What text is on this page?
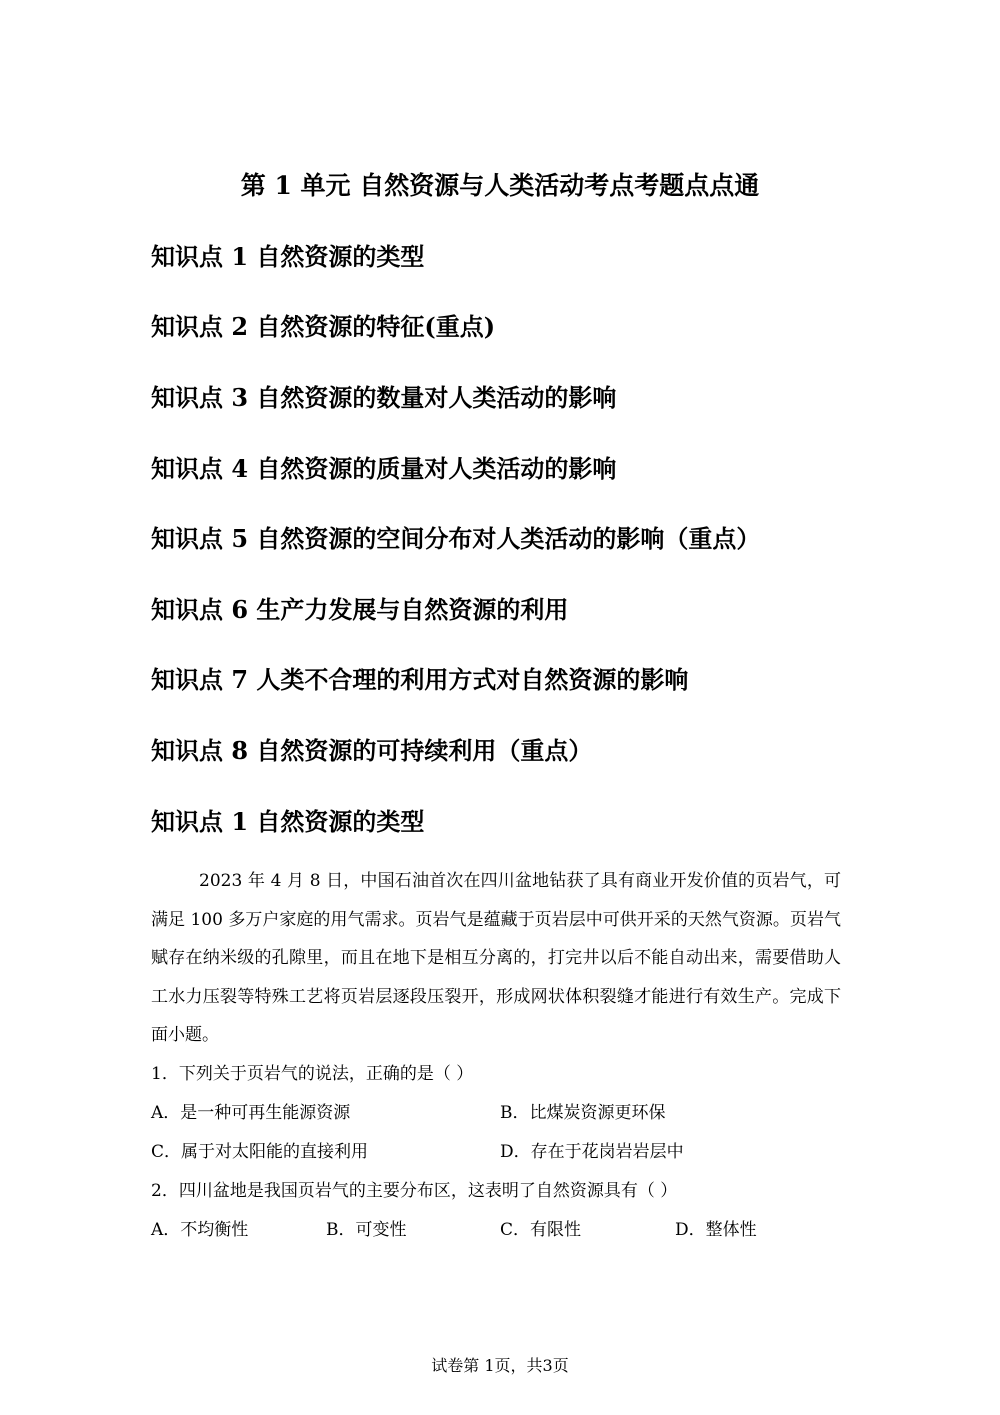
第 1 单元 自然资源与人类活动考点考题点点通
知识点 1 自然资源的类型
知识点 2 自然资源的特征(重点)
知识点 3 自然资源的数量对人类活动的影响
知识点 4 自然资源的质量对人类活动的影响
知识点 5 自然资源的空间分布对人类活动的影响（重点）
知识点 6 生产力发展与自然资源的利用
知识点 7 人类不合理的利用方式对自然资源的影响
知识点 8 自然资源的可持续利用（重点）
知识点 1 自然资源的类型

2023 年 4 月 8 日，中国石油首次在四川盆地钻获了具有商业开发价值的页岩气，可满足 100 多万户家庭的用气需求。页岩气是蕴藏于页岩层中可供开采的天然气资源。页岩气赋存在纳米级的孔隙里，而且在地下是相互分离的，打完井以后不能自动出来，需要借助人工水力压裂等特殊工艺将页岩层逐段压裂开，形成网状体积裂缝才能进行有效生产。完成下面小题。

1．下列关于页岩气的说法，正确的是（ ）

A．是一种可再生能源资源	B．比煤炭资源更环保
C．属于对太阳能的直接利用	D．存在于花岗岩岩层中

2．四川盆地是我国页岩气的主要分布区，这表明了自然资源具有（ ）

A．不均衡性	B．可变性	C．有限性	D．整体性
试卷第 1页，共3页
